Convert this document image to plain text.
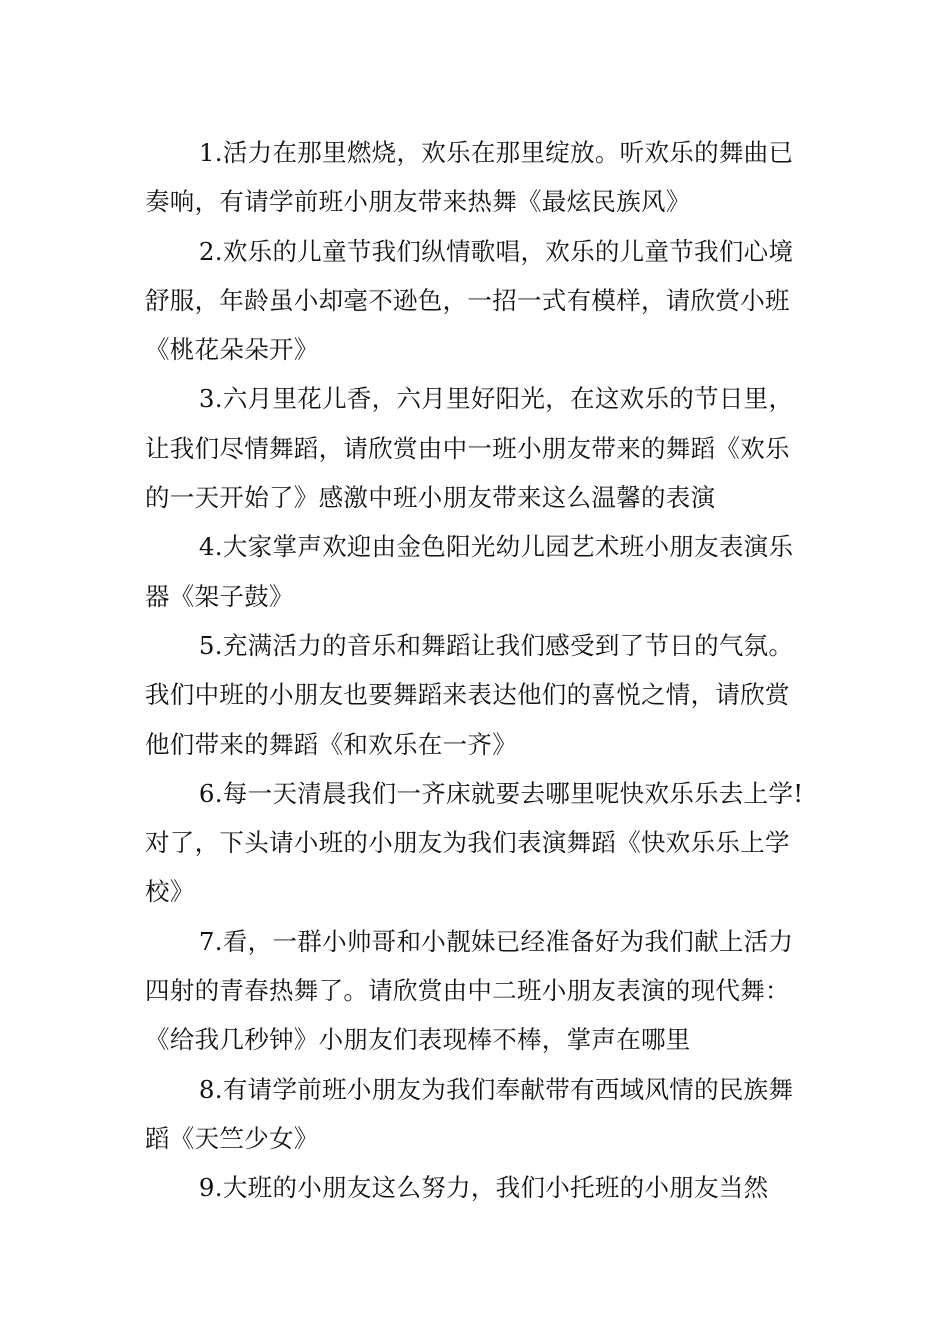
1.活力在那里燃烧，欢乐在那里绽放。听欢乐的舞曲已奏响，有请学前班小朋友带来热舞《最炫民族风》

2.欢乐的儿童节我们纵情歌唱，欢乐的儿童节我们心境舒服，年龄虽小却毫不逊色，一招一式有模样，请欣赏小班《桃花朵朵开》

3.六月里花儿香，六月里好阳光，在这欢乐的节日里，让我们尽情舞蹈，请欣赏由中一班小朋友带来的舞蹈《欢乐的一天开始了》感激中班小朋友带来这么温馨的表演

4.大家掌声欢迎由金色阳光幼儿园艺术班小朋友表演乐器《架子鼓》

5.充满活力的音乐和舞蹈让我们感受到了节日的气氛。我们中班的小朋友也要舞蹈来表达他们的喜悦之情，请欣赏他们带来的舞蹈《和欢乐在一齐》

6.每一天清晨我们一齐床就要去哪里呢快欢乐乐去上学!对了，下头请小班的小朋友为我们表演舞蹈《快欢乐乐上学校》

7.看，一群小帅哥和小靓妹已经准备好为我们献上活力四射的青春热舞了。请欣赏由中二班小朋友表演的现代舞：《给我几秒钟》小朋友们表现棒不棒，掌声在哪里

8.有请学前班小朋友为我们奉献带有西域风情的民族舞蹈《天竺少女》

9.大班的小朋友这么努力，我们小托班的小朋友当然
